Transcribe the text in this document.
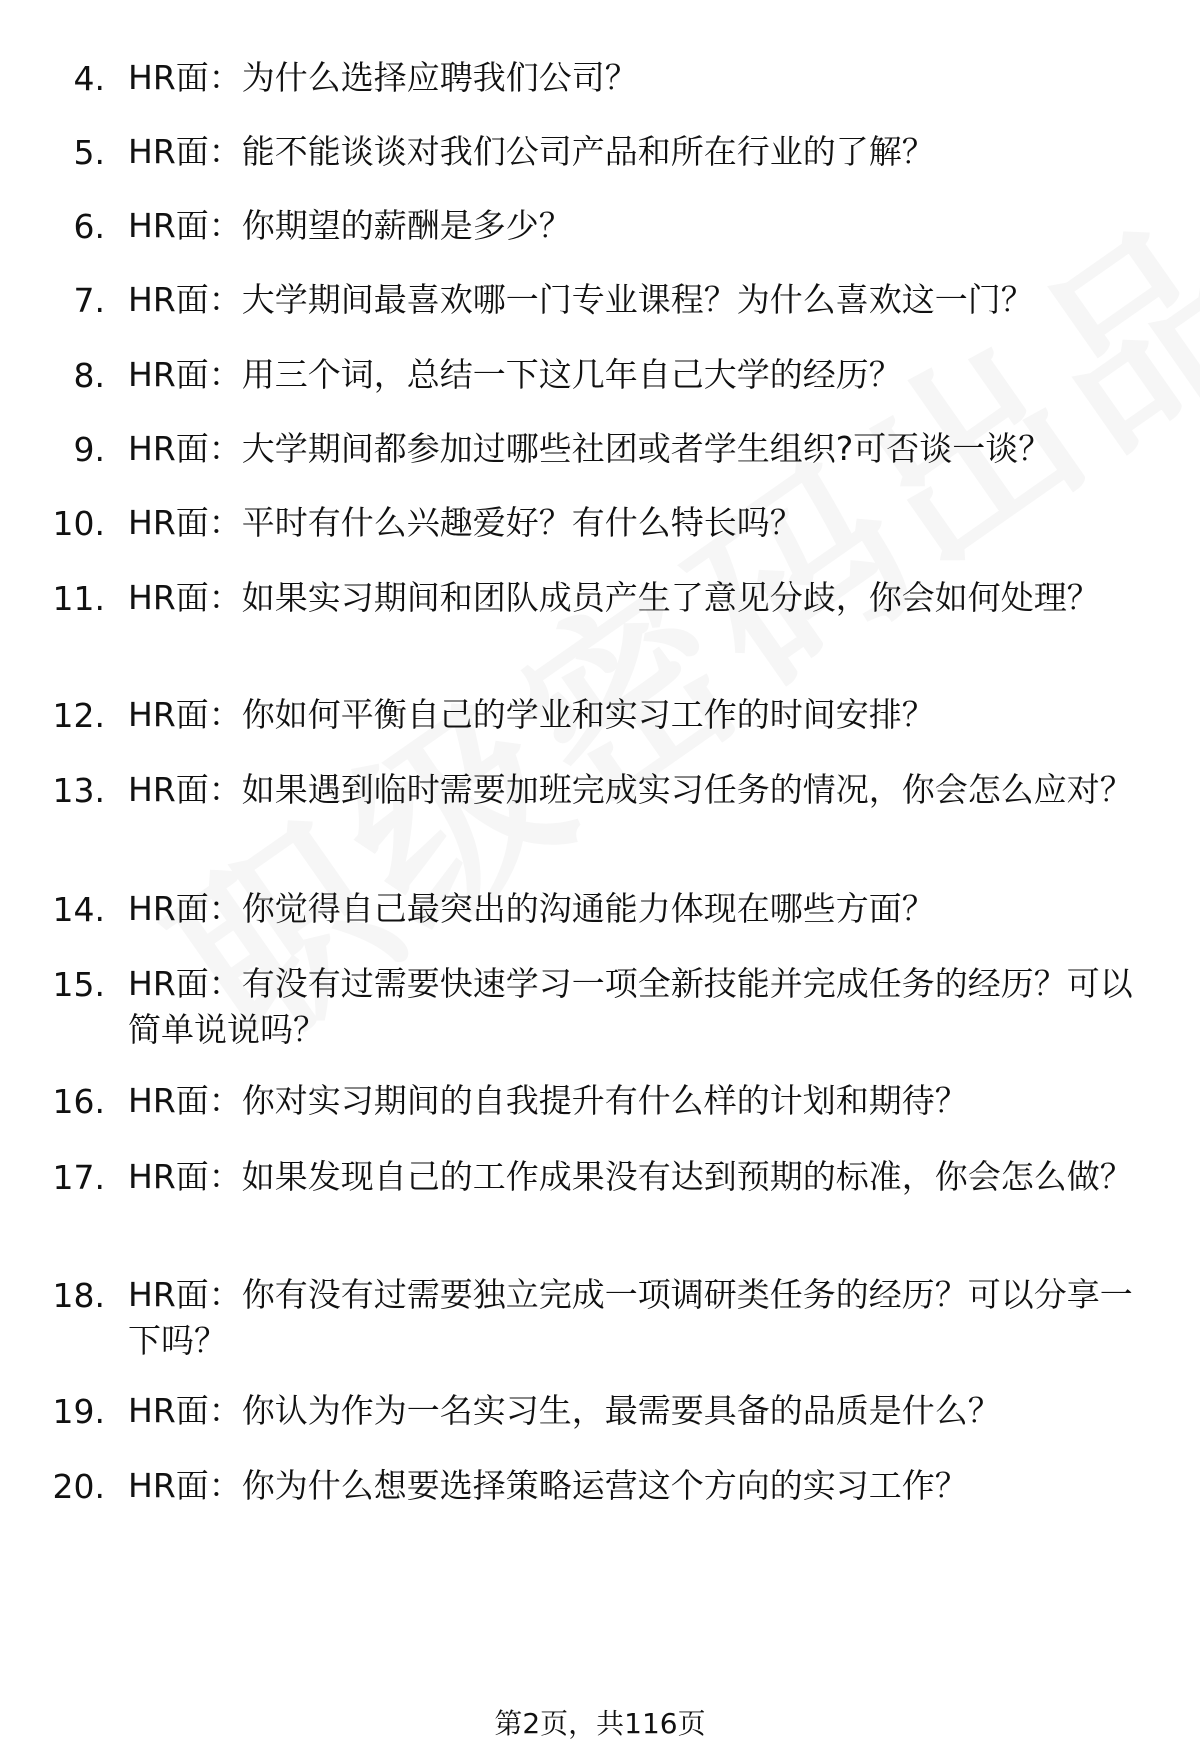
4. HR面：为什么选择应聘我们公司？
5. HR面：能不能谈谈对我们公司产品和所在行业的了解？
6. HR面：你期望的薪酬是多少？
7. HR面：大学期间最喜欢哪一门专业课程？为什么喜欢这一门？
8. HR面：用三个词，总结一下这几年自己大学的经历？
9. HR面：大学期间都参加过哪些社团或者学生组织?可否谈一谈？
10. HR面：平时有什么兴趣爱好？有什么特长吗？
11. HR面：如果实习期间和团队成员产生了意见分歧，你会如何处理？
12. HR面：你如何平衡自己的学业和实习工作的时间安排？
13. HR面：如果遇到临时需要加班完成实习任务的情况，你会怎么应对？
14. HR面：你觉得自己最突出的沟通能力体现在哪些方面？
15. HR面：有没有过需要快速学习一项全新技能并完成任务的经历？可以简单说说吗？
16. HR面：你对实习期间的自我提升有什么样的计划和期待？
17. HR面：如果发现自己的工作成果没有达到预期的标准，你会怎么做？
18. HR面：你有没有过需要独立完成一项调研类任务的经历？可以分享一下吗？
19. HR面：你认为作为一名实习生，最需要具备的品质是什么？
20. HR面：你为什么想要选择策略运营这个方向的实习工作？
第2页，共116页
